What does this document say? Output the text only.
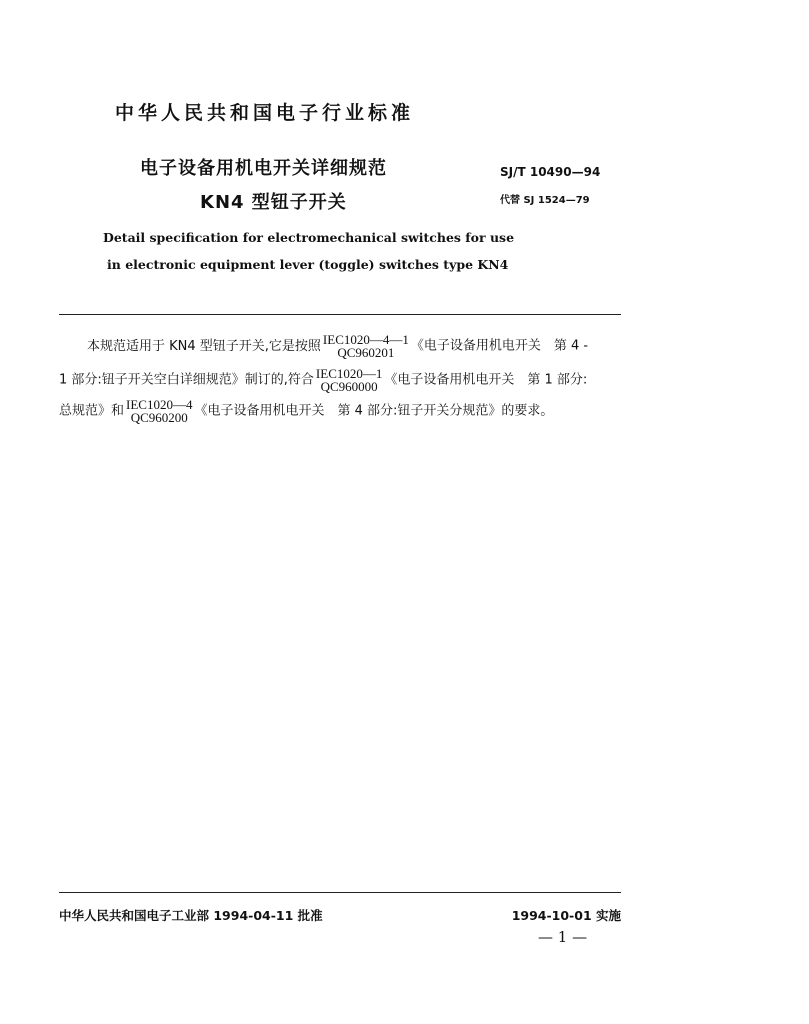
中华人民共和国电子行业标准
电子设备用机电开关详细规范
KN4 型钮子开关
SJ/T 10490—94
代替 SJ 1524—79
Detail specification for electromechanical switches for use
in electronic equipment lever (toggle) switches type KN4
本规范适用于 KN4 型钮子开关,它是按照 IEC1020—4—1
QC960201	《电子设备用机电开关　第 4 -
1 部分:钮子开关空白详细规范》制订的,符合 IEC1020—1
QC960000 《电子设备用机电开关　第 1 部分:
总规范》和 IEC1020—4
QC960200 《电子设备用机电开关　第 4 部分:钮子开关分规范》的要求。
中华人民共和国电子工业部 1994-04-11 批准	1994-10-01 实施
— 1 —
